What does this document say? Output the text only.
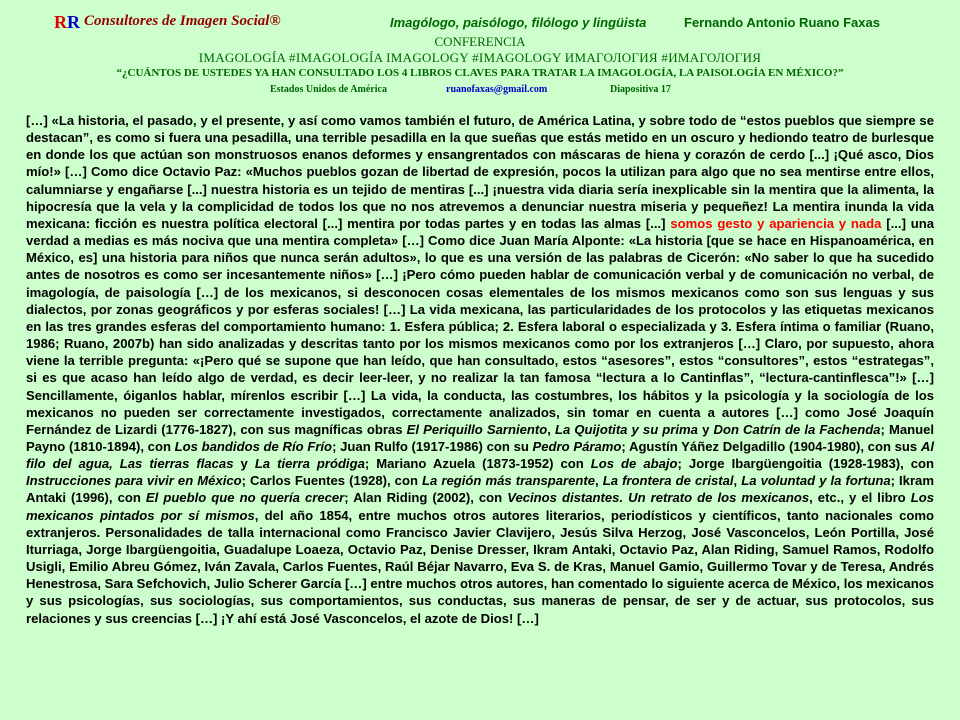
RR Consultores de Imagen Social®	Imagólogo, paisólogo, filólogo y lingüista	Fernando Antonio Ruano Faxas
CONFERENCIA
IMAGOLOGÍA #IMAGOLOGÍA IMAGOLOGY #IMAGOLOGY ИМАГОЛОГИЯ #ИМАГОЛОГИЯ
“¿CUÁNTOS DE USTEDES YA HAN CONSULTADO LOS 4 LIBROS CLAVES PARA TRATAR LA IMAGOLOGÍA, LA PAISOLOGÍA EN MÉXICO?”
Estados Unidos de América	ruanofaxas@gmail.com	Diapositiva 17
[…] «La historia, el pasado, y el presente, y así como vamos también el futuro, de América Latina, y sobre todo de “estos pueblos que siempre se destacan”, es como si fuera una pesadilla, una terrible pesadilla en la que sueñas que estás metido en un oscuro y hediondo teatro de burlesque en donde los que actúan son monstruosos enanos deformes y ensangrentados con máscaras de hiena y corazón de cerdo [...] ¡Qué asco, Dios mío!» […] Como dice Octavio Paz: «Muchos pueblos gozan de libertad de expresión, pocos la utilizan para algo que no sea mentirse entre ellos, calumniarse y engañarse [...] nuestra historia es un tejido de mentiras [...] ¡nuestra vida diaria sería inexplicable sin la mentira que la alimenta, la hipocresía que la vela y la complicidad de todos los que no nos atrevemos a denunciar nuestra miseria y pequeñez! La mentira inunda la vida mexicana: ficción es nuestra política electoral [...] mentira por todas partes y en todas las almas [...] somos gesto y apariencia y nada [...] una verdad a medias es más nociva que una mentira completa» […] Como dice Juan María Alponte: «La historia [que se hace en Hispanoamérica, en México, es] una historia para niños que nunca serán adultos», lo que es una versión de las palabras de Cicerón: «No saber lo que ha sucedido antes de nosotros es como ser incesantemente niños» […] ¡Pero cómo pueden hablar de comunicación verbal y de comunicación no verbal, de imagología, de paisología […] de los mexicanos, si desconocen cosas elementales de los mismos mexicanos como son sus lenguas y sus dialectos, por zonas geográficos y por esferas sociales! […] La vida mexicana, las particularidades de los protocolos y las etiquetas mexicanos en las tres grandes esferas del comportamiento humano: 1. Esfera pública; 2. Esfera laboral o especializada y 3. Esfera íntima o familiar (Ruano, 1986; Ruano, 2007b) han sido analizadas y descritas tanto por los mismos mexicanos como por los extranjeros […] Claro, por supuesto, ahora viene la terrible pregunta: «¡Pero qué se supone que han leído, que han consultado, estos “asesores”, estos “consultores”, estos “estrategas”, si es que acaso han leído algo de verdad, es decir leer-leer, y no realizar la tan famosa “lectura a lo Cantinflas”, “lectura-cantinflesca”!» […] Sencillamente, óiganlos hablar, mírenlos escribir […] La vida, la conducta, las costumbres, los hábitos y la psicología y la sociología de los mexicanos no pueden ser correctamente investigados, correctamente analizados, sin tomar en cuenta a autores […] como José Joaquín Fernández de Lizardi (1776-1827), con sus magníficas obras El Periquillo Sarniento, La Quijotita y su prima y Don Catrín de la Fachenda; Manuel Payno (1810-1894), con Los bandidos de Río Frío; Juan Rulfo (1917-1986) con su Pedro Páramo; Agustín Yáñez Delgadillo (1904-1980), con sus Al filo del agua, Las tierras flacas y La tierra pródiga; Mariano Azuela (1873-1952) con Los de abajo; Jorge Ibargüengoitia (1928-1983), con Instrucciones para vivir en México; Carlos Fuentes (1928), con La región más transparente, La frontera de cristal, La voluntad y la fortuna; Ikram Antaki (1996), con El pueblo que no quería crecer; Alan Riding (2002), con Vecinos distantes. Un retrato de los mexicanos, etc., y el libro Los mexicanos pintados por sí mismos, del año 1854, entre muchos otros autores literarios, periodísticos y científicos, tanto nacionales como extranjeros. Personalidades de talla internacional como Francisco Javier Clavijero, Jesús Silva Herzog, José Vasconcelos, León Portilla, José Iturriaga, Jorge Ibargüengoitia, Guadalupe Loaeza, Octavio Paz, Denise Dresser, Ikram Antaki, Octavio Paz, Alan Riding, Samuel Ramos, Rodolfo Usigli, Emilio Abreu Gómez, Iván Zavala, Carlos Fuentes, Raúl Béjar Navarro, Eva S. de Kras, Manuel Gamio, Guillermo Tovar y de Teresa, Andrés Henestrosa, Sara Sefchovich, Julio Scherer García […] entre muchos otros autores, han comentado lo siguiente acerca de México, los mexicanos y sus psicologías, sus sociologías, sus comportamientos, sus conductas, sus maneras de pensar, de ser y de actuar, sus protocolos, sus relaciones y sus creencias […] ¡Y ahí está José Vasconcelos, el azote de Dios! […]
